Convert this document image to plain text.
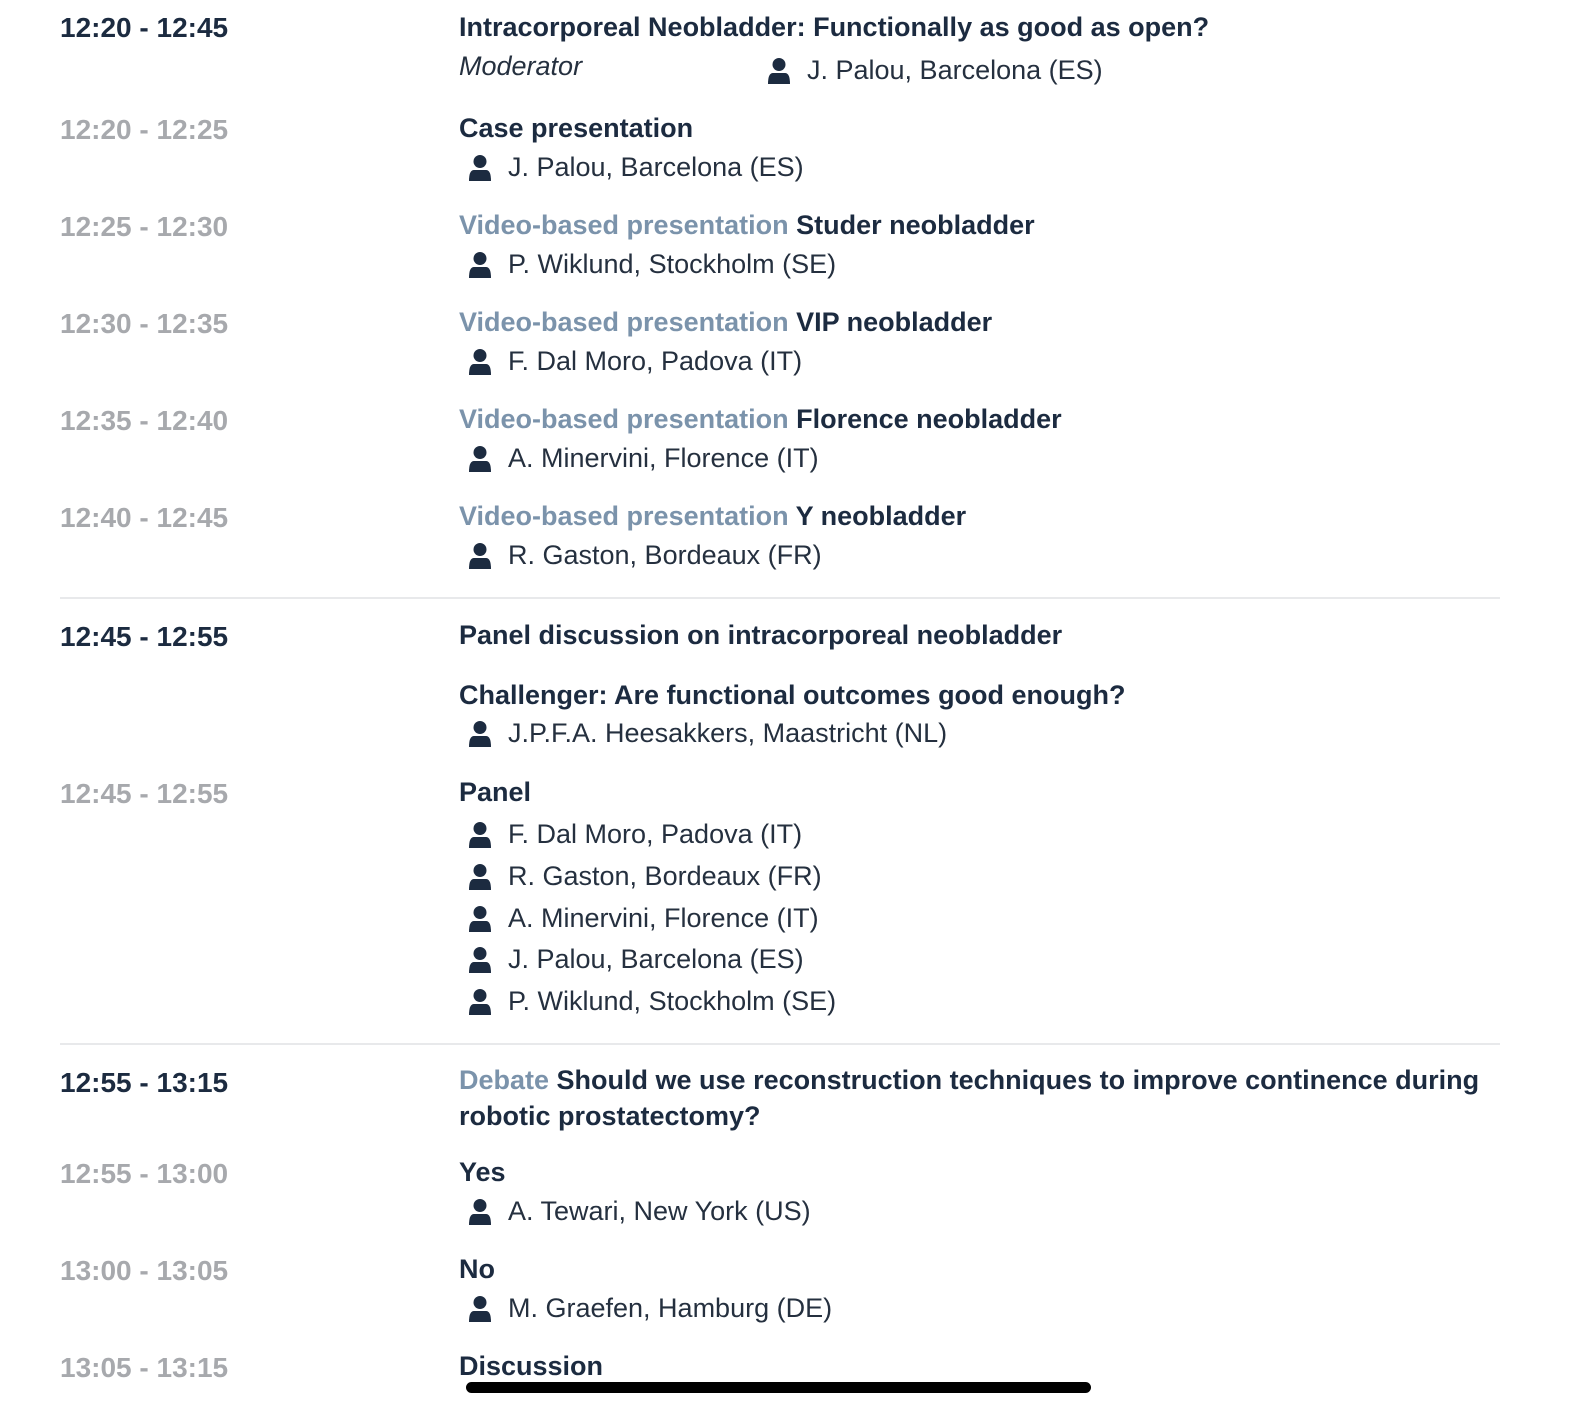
12:20 - 12:45	Intracorporeal Neobladder: Functionally as good as open?
Moderator	J. Palou, Barcelona (ES)
12:20 - 12:25	Case presentation
J. Palou, Barcelona (ES)
12:25 - 12:30	Video-based presentation Studer neobladder
P. Wiklund, Stockholm (SE)
12:30 - 12:35	Video-based presentation VIP neobladder
F. Dal Moro, Padova (IT)
12:35 - 12:40	Video-based presentation Florence neobladder
A. Minervini, Florence (IT)
12:40 - 12:45	Video-based presentation Y neobladder
R. Gaston, Bordeaux (FR)
12:45 - 12:55	Panel discussion on intracorporeal neobladder
Challenger: Are functional outcomes good enough?
J.P.F.A. Heesakkers, Maastricht (NL)
12:45 - 12:55	Panel
F. Dal Moro, Padova (IT)
R. Gaston, Bordeaux (FR)
A. Minervini, Florence (IT)
J. Palou, Barcelona (ES)
P. Wiklund, Stockholm (SE)
12:55 - 13:15	Debate Should we use reconstruction techniques to improve continence during robotic prostatectomy?
12:55 - 13:00	Yes
A. Tewari, New York (US)
13:00 - 13:05	No
M. Graefen, Hamburg (DE)
13:05 - 13:15	Discussion
